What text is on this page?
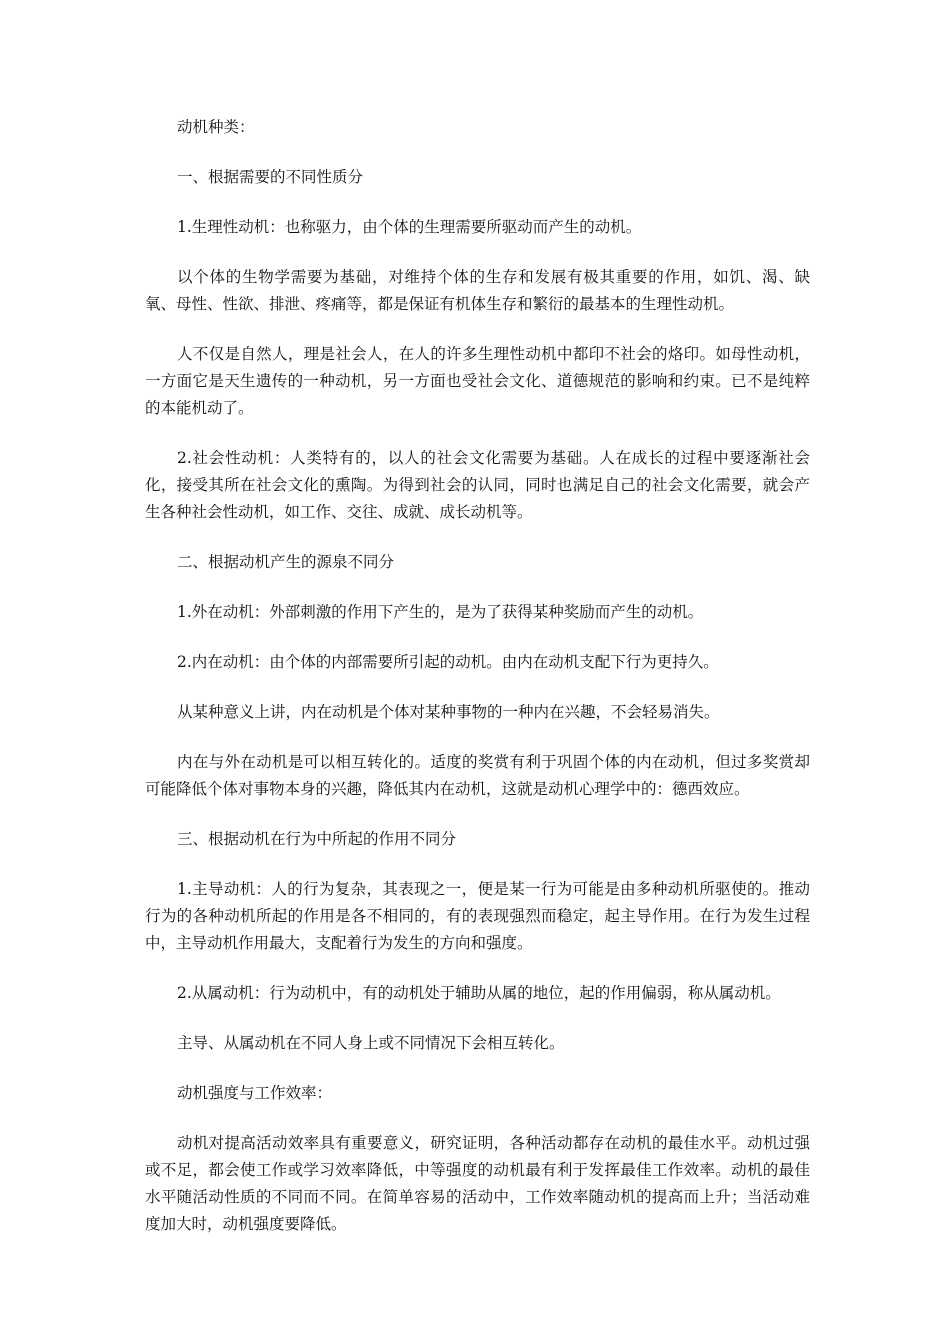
动机种类：

一、根据需要的不同性质分

1.生理性动机：也称驱力，由个体的生理需要所驱动而产生的动机。

以个体的生物学需要为基础，对维持个体的生存和发展有极其重要的作用，如饥、渴、缺氧、母性、性欲、排泄、疼痛等，都是保证有机体生存和繁衍的最基本的生理性动机。

人不仅是自然人，理是社会人，在人的许多生理性动机中都印不社会的烙印。如母性动机，一方面它是天生遗传的一种动机，另一方面也受社会文化、道德规范的影响和约束。已不是纯粹的本能机动了。

2.社会性动机：人类特有的，以人的社会文化需要为基础。人在成长的过程中要逐渐社会化，接受其所在社会文化的熏陶。为得到社会的认同，同时也满足自己的社会文化需要，就会产生各种社会性动机，如工作、交往、成就、成长动机等。

二、根据动机产生的源泉不同分

1.外在动机：外部刺激的作用下产生的，是为了获得某种奖励而产生的动机。

2.内在动机：由个体的内部需要所引起的动机。由内在动机支配下行为更持久。

从某种意义上讲，内在动机是个体对某种事物的一种内在兴趣，不会轻易消失。

内在与外在动机是可以相互转化的。适度的奖赏有利于巩固个体的内在动机，但过多奖赏却可能降低个体对事物本身的兴趣，降低其内在动机，这就是动机心理学中的：德西效应。

三、根据动机在行为中所起的作用不同分

1.主导动机：人的行为复杂，其表现之一，便是某一行为可能是由多种动机所驱使的。推动行为的各种动机所起的作用是各不相同的，有的表现强烈而稳定，起主导作用。在行为发生过程中，主导动机作用最大，支配着行为发生的方向和强度。

2.从属动机：行为动机中，有的动机处于辅助从属的地位，起的作用偏弱，称从属动机。

主导、从属动机在不同人身上或不同情况下会相互转化。

动机强度与工作效率：

动机对提高活动效率具有重要意义，研究证明，各种活动都存在动机的最佳水平。动机过强或不足，都会使工作或学习效率降低，中等强度的动机最有利于发挥最佳工作效率。动机的最佳水平随活动性质的不同而不同。在简单容易的活动中，工作效率随动机的提高而上升；当活动难度加大时，动机强度要降低。
